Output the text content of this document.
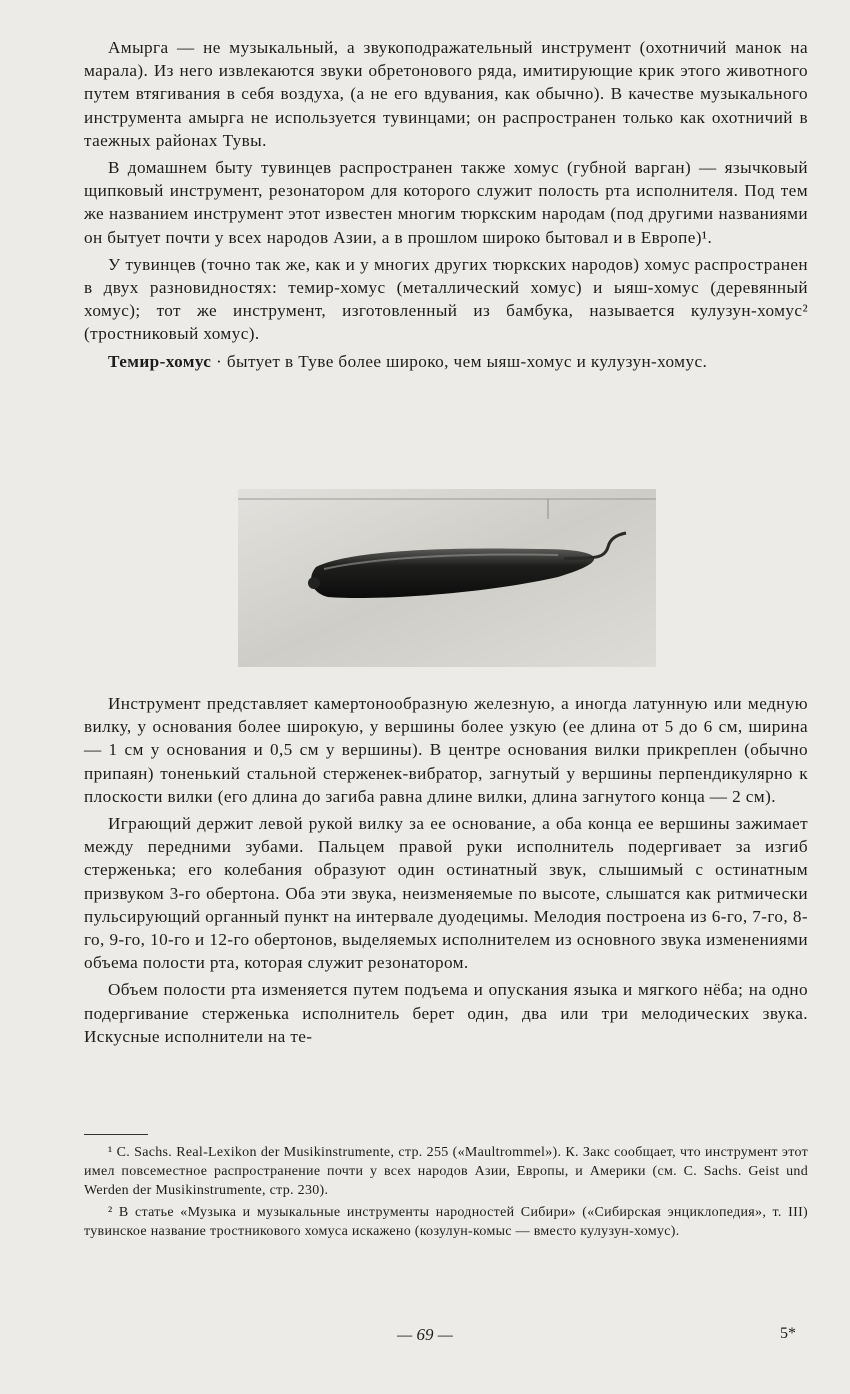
Амырга — не музыкальный, а звукоподражательный инструмент (охотничий манок на марала). Из него извлекаются звуки обретонового ряда, имитирующие крик этого животного путем втягивания в себя воздуха, (а не его вдувания, как обычно). В качестве музыкального инструмента амырга не используется тувинцами; он распространен только как охотничий в таежных районах Тувы.

В домашнем быту тувинцев распространен также хомус (губной варган) — язычковый щипковый инструмент, резонатором для которого служит полость рта исполнителя. Под тем же названием инструмент этот известен многим тюркским народам (под другими названиями он бытует почти у всех народов Азии, а в прошлом широко бытовал и в Европе)¹.

У тувинцев (точно так же, как и у многих других тюркских народов) хомус распространен в двух разновидностях: темир-хомус (металлический хомус) и ыяш-хомус (деревянный хомус); тот же инструмент, изготовленный из бамбука, называется кулузун-хомус² (тростниковый хомус).

Темир-хомус · бытует в Туве более широко, чем ыяш-хомус и кулузун-хомус.

Инструмент представляет камертонообразную железную, а иногда латунную или медную вилку, у основания более широкую, у вершины более узкую (ее длина от 5 до 6 см, ширина — 1 см у основания и 0,5 см у вершины). В центре основания вилки прикреплен (обычно припаян) тоненький стальной стерженек-вибратор, загнутый у вершины перпендикулярно к плоскости вилки (его длина до загиба равна длине вилки, длина загнутого конца — 2 см).

Играющий держит левой рукой вилку за ее основание, а оба конца ее вершины зажимает между передними зубами. Пальцем правой руки исполнитель подергивает за изгиб стерженька; его колебания образуют один остинатный звук, слышимый с остинатным призвуком 3-го обертона. Оба эти звука, неизменяемые по высоте, слышатся как ритмически пульсирующий органный пункт на интервале дуодецимы. Мелодия построена из 6-го, 7-го, 8-го, 9-го, 10-го и 12-го обертонов, выделяемых исполнителем из основного звука изменениями объема полости рта, которая служит резонатором.

Объем полости рта изменяется путем подъема и опускания языка и мягкого нёба; на одно подергивание стерженька исполнитель берет один, два или три мелодических звука. Искусные исполнители на те-

¹ C. Sachs. Real-Lexikon der Musikinstrumente, стр. 255 («Maultrommel»). К. Закс сообщает, что инструмент этот имел повсеместное распространение почти у всех народов Азии, Европы, и Америки (см. C. Sachs. Geist und Werden der Musikinstrumente, стр. 230).

² В статье «Музыка и музыкальные инструменты народностей Сибири» («Сибирская энциклопедия», т. III) тувинское название тростникового хомуса искажено (козулун-комыс — вместо кулузун-хомус).

— 69 —	5*
